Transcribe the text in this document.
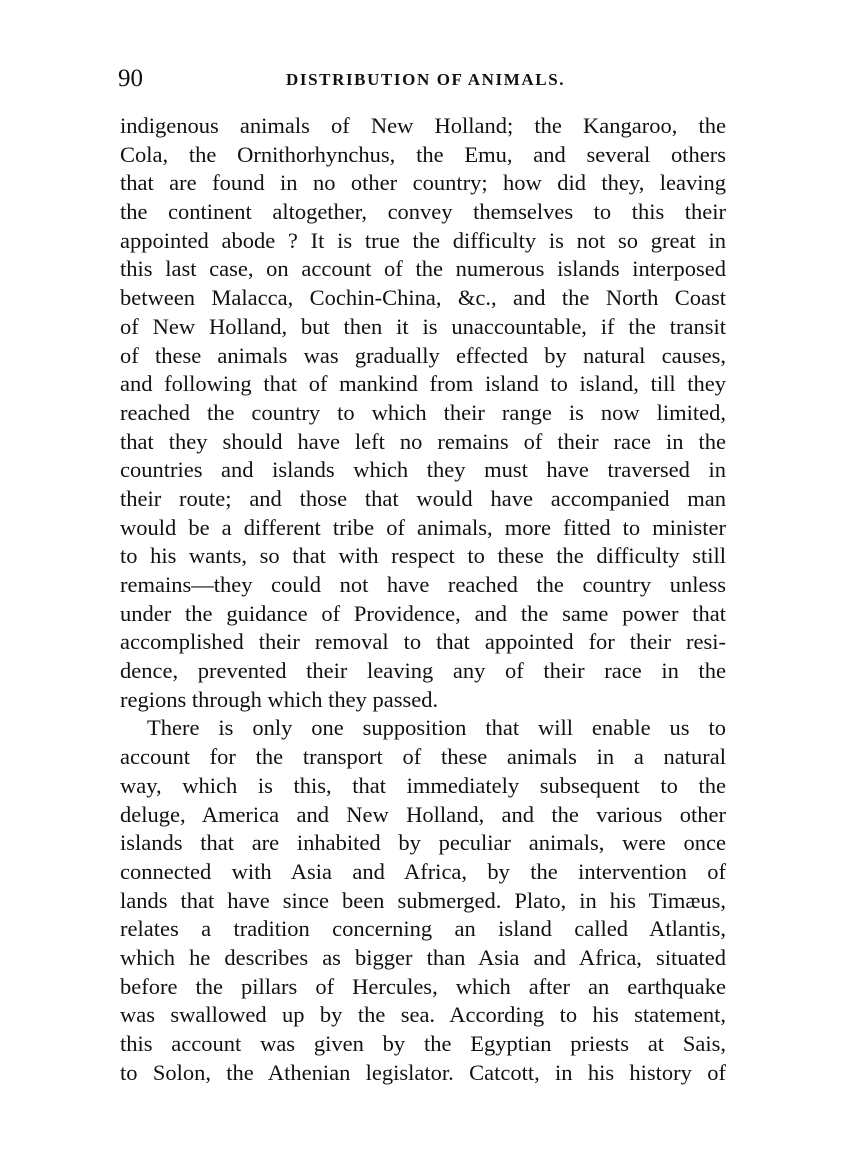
90	DISTRIBUTION OF ANIMALS.
indigenous animals of New Holland; the Kangaroo, the
Cola, the Ornithorhynchus, the Emu, and several others
that are found in no other country; how did they, leaving
the continent altogether, convey themselves to this their
appointed abode ? It is true the difficulty is not so great in
this last case, on account of the numerous islands interposed
between Malacca, Cochin-China, &c., and the North Coast
of New Holland, but then it is unaccountable, if the transit
of these animals was gradually effected by natural causes,
and following that of mankind from island to island, till they
reached the country to which their range is now limited,
that they should have left no remains of their race in the
countries and islands which they must have traversed in
their route; and those that would have accompanied man
would be a different tribe of animals, more fitted to minister
to his wants, so that with respect to these the difficulty still
remains—they could not have reached the country unless
under the guidance of Providence, and the same power that
accomplished their removal to that appointed for their resi-
dence, prevented their leaving any of their race in the
regions through which they passed.
There is only one supposition that will enable us to
account for the transport of these animals in a natural
way, which is this, that immediately subsequent to the
deluge, America and New Holland, and the various other
islands that are inhabited by peculiar animals, were once
connected with Asia and Africa, by the intervention of
lands that have since been submerged. Plato, in his Timæus,
relates a tradition concerning an island called Atlantis,
which he describes as bigger than Asia and Africa, situated
before the pillars of Hercules, which after an earthquake
was swallowed up by the sea. According to his statement,
this account was given by the Egyptian priests at Sais,
to Solon, the Athenian legislator. Catcott, in his history of
